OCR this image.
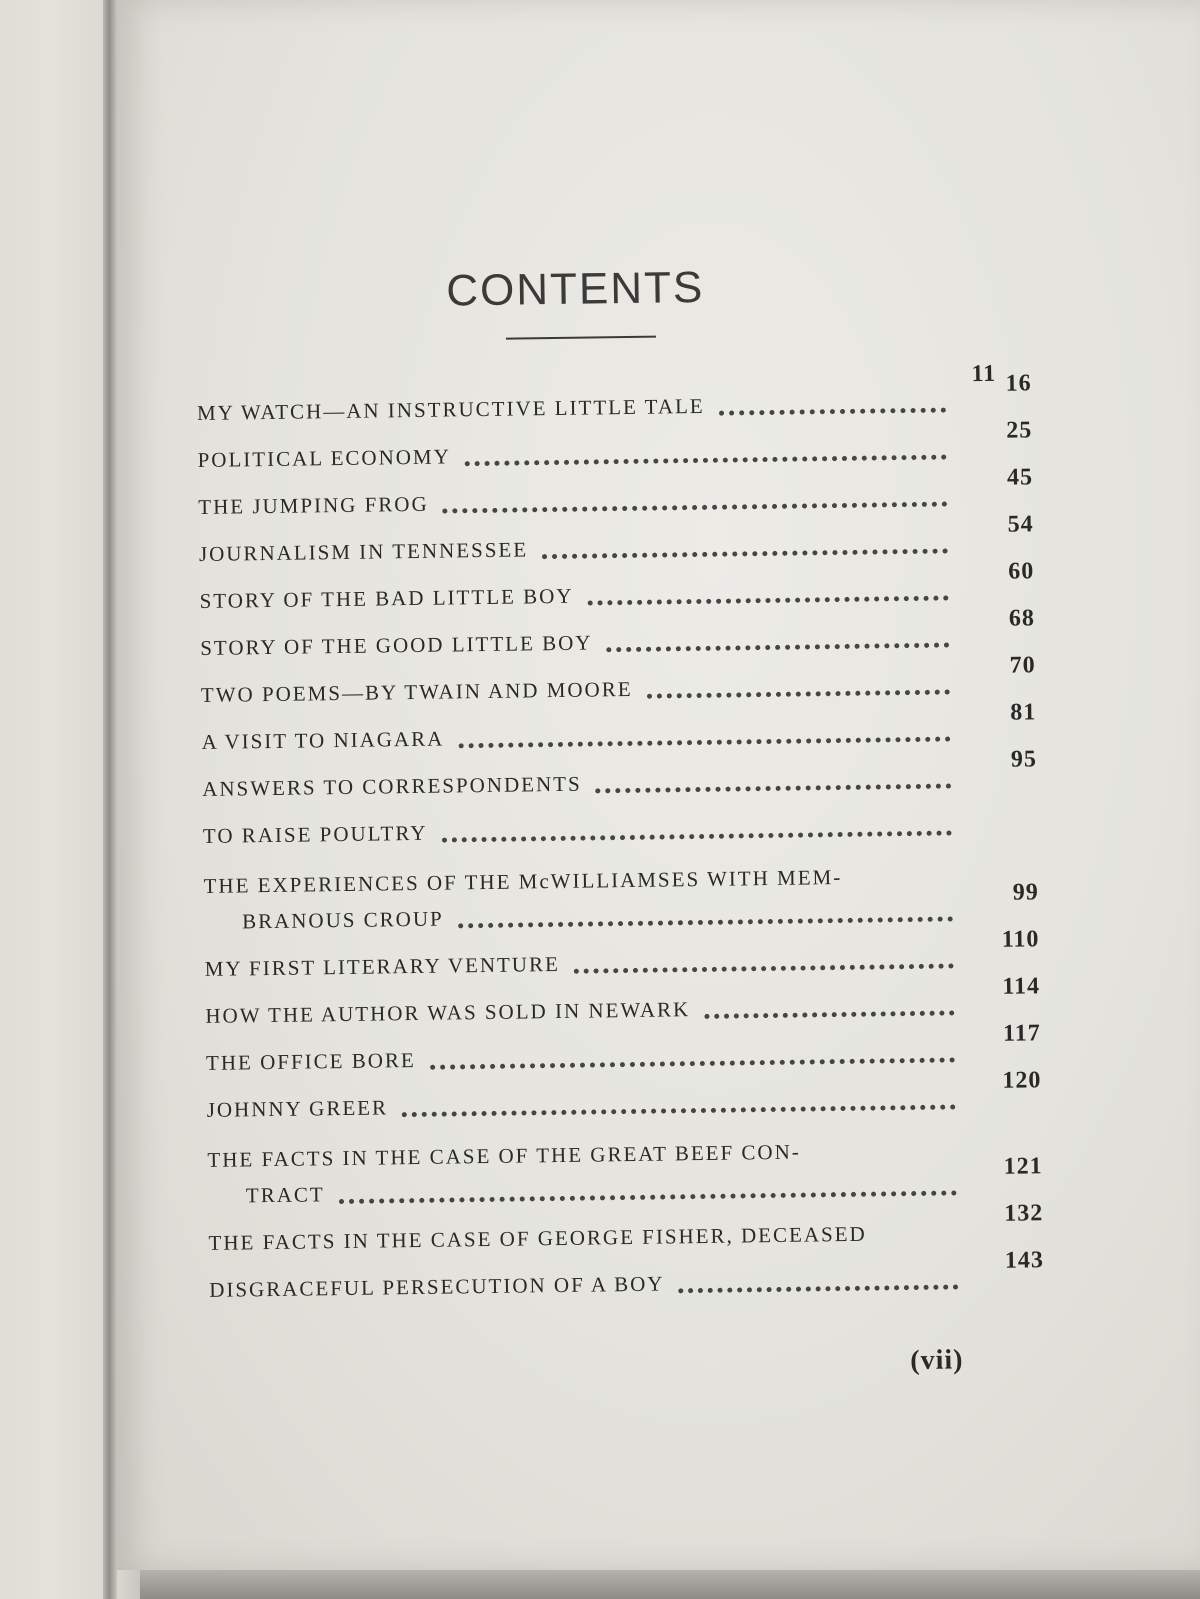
CONTENTS
11
MY WATCH—AN INSTRUCTIVE LITTLE TALE
16
POLITICAL ECONOMY
25
THE JUMPING FROG
45
JOURNALISM IN TENNESSEE
54
STORY OF THE BAD LITTLE BOY
60
STORY OF THE GOOD LITTLE BOY
68
TWO POEMS—BY TWAIN AND MOORE
70
A VISIT TO NIAGARA
81
ANSWERS TO CORRESPONDENTS
95
TO RAISE POULTRY
THE EXPERIENCES OF THE McWILLIAMSES WITH MEM-
BRANOUS CROUP
99
MY FIRST LITERARY VENTURE
110
HOW THE AUTHOR WAS SOLD IN NEWARK
114
THE OFFICE BORE
117
JOHNNY GREER
120
THE FACTS IN THE CASE OF THE GREAT BEEF CON-
TRACT
121
THE FACTS IN THE CASE OF GEORGE FISHER, DECEASED
132
DISGRACEFUL PERSECUTION OF A BOY
143
(vii)
